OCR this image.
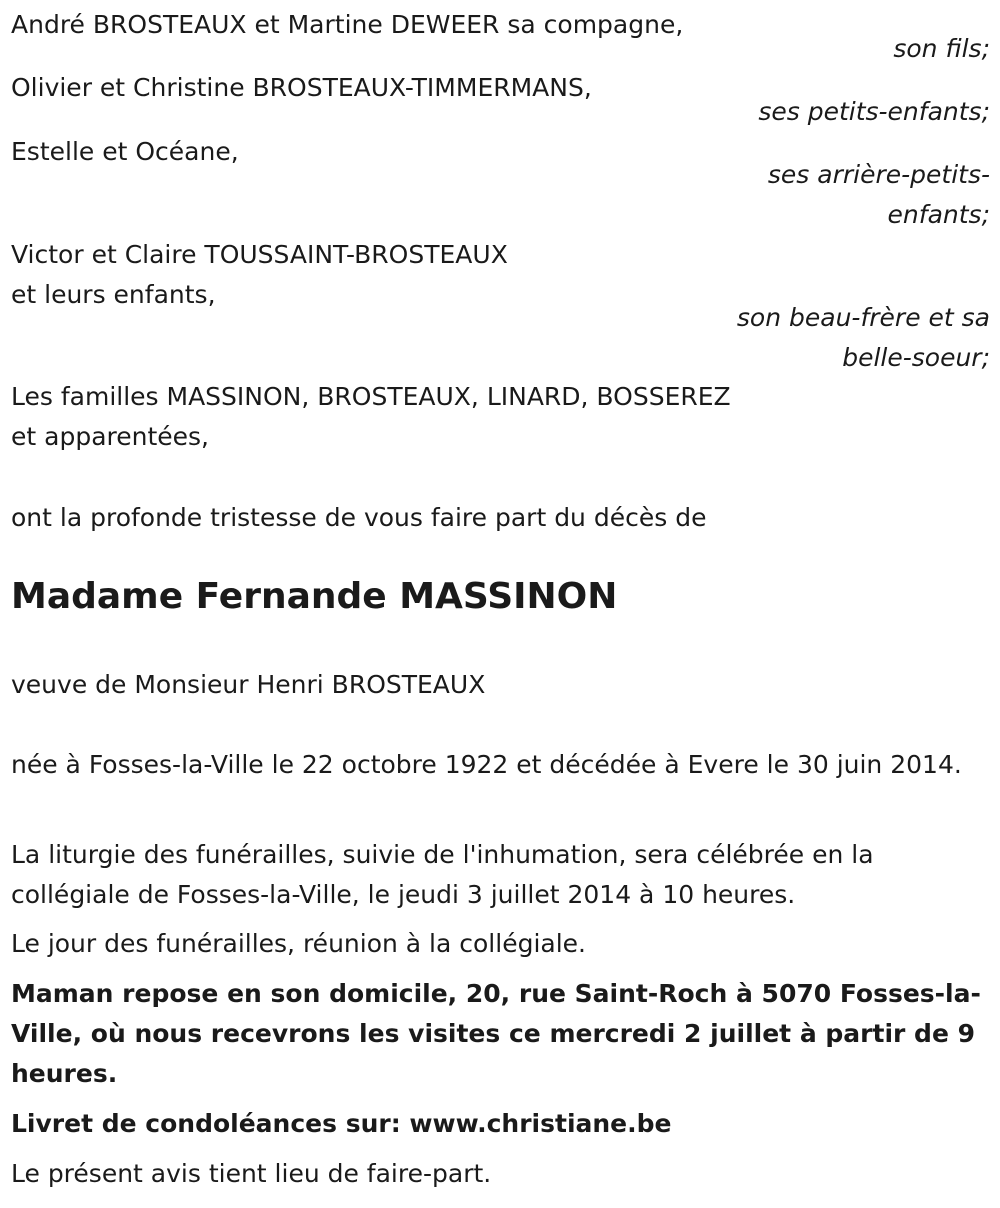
André BROSTEAUX et Martine DEWEER sa compagne,
son fils;
Olivier et Christine BROSTEAUX-TIMMERMANS,
ses petits-enfants;
Estelle et Océane,
ses arrière-petits-
enfants;
Victor et Claire TOUSSAINT-BROSTEAUX
et leurs enfants,
son beau-frère et sa
belle-soeur;
Les familles MASSINON, BROSTEAUX, LINARD, BOSSEREZ
et apparentées,
ont la profonde tristesse de vous faire part du décès de
Madame Fernande MASSINON
veuve de Monsieur Henri BROSTEAUX
née à Fosses-la-Ville le 22 octobre 1922 et décédée à Evere le 30 juin 2014.
La liturgie des funérailles, suivie de l'inhumation, sera célébrée en la collégiale de Fosses-la-Ville, le jeudi 3 juillet 2014 à 10 heures.
Le jour des funérailles, réunion à la collégiale.
Maman repose en son domicile, 20, rue Saint-Roch à 5070 Fosses-la-Ville, où nous recevrons les visites ce mercredi 2 juillet à partir de 9 heures.
Livret de condoléances sur: www.christiane.be
Le présent avis tient lieu de faire-part.
